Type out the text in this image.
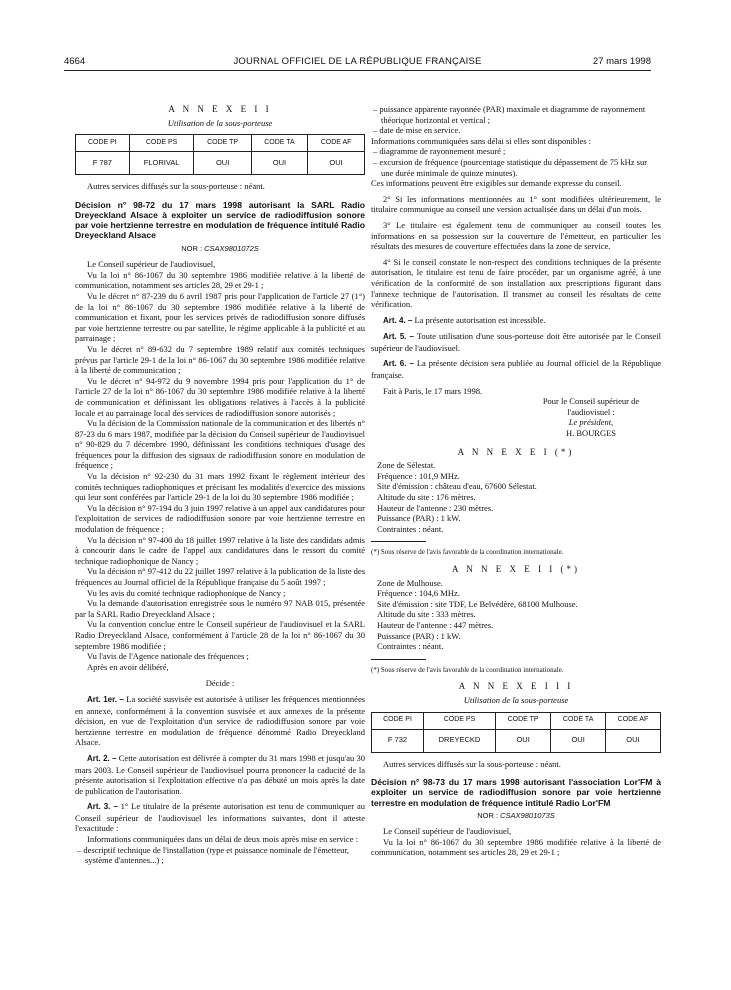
4664	JOURNAL OFFICIEL DE LA RÉPUBLIQUE FRANÇAISE	27 mars 1998
A N N E X E I I
Utilisation de la sous-porteuse
CODE PI	CODE PS	CODE TP	CODE TA	CODE AF
F 787	FLORIVAL	OUI	OUI	OUI

Autres services diffusés sur la sous-porteuse : néant.

Décision n° 98-72 du 17 mars 1998 autorisant la SARL Radio Dreyeckland Alsace à exploiter un service de radiodiffusion sonore par voie hertzienne terrestre en modulation de fréquence intitulé Radio Dreyeckland Alsace
NOR : CSAX9801072S

Le Conseil supérieur de l'audiovisuel,

Vu la loi n° 86-1067 du 30 septembre 1986 modifiée relative à la liberté de communication, notamment ses articles 28, 29 et 29-1 ;

Vu le décret n° 87-239 du 6 avril 1987 pris pour l'application de l'article 27 (1°) de la loi n° 86-1067 du 30 septembre 1986 modifiée relative à la liberté de communication et fixant, pour les services privés de radiodiffusion sonore diffusés par voie hertzienne terrestre ou par satellite, le régime applicable à la publicité et au parrainage ;

Vu le décret n° 89-632 du 7 septembre 1989 relatif aux comités techniques prévus par l'article 29-1 de la loi n° 86-1067 du 30 septembre 1986 modifiée relative à la liberté de communication ;

Vu le décret n° 94-972 du 9 novembre 1994 pris pour l'application du 1° de l'article 27 de la loi n° 86-1067 du 30 septembre 1986 modifiée relative à la liberté de communication et définissant les obligations relatives à l'accès à la publicité locale et au parrainage local des services de radiodiffusion sonore autorisés ;

Vu la décision de la Commission nationale de la communication et des libertés n° 87-23 du 6 mars 1987, modifiée par la décision du Conseil supérieur de l'audiovisuel n° 90-829 du 7 décembre 1990, définissant les conditions techniques d'usage des fréquences pour la diffusion des signaux de radiodiffusion sonore en modulation de fréquence ;

Vu la décision n° 92-230 du 31 mars 1992 fixant le règlement intérieur des comités techniques radiophoniques et précisant les modalités d'exercice des missions qui leur sont conférées par l'article 29-1 de la loi du 30 septembre 1986 modifiée ;

Vu la décision n° 97-194 du 3 juin 1997 relative à un appel aux candidatures pour l'exploitation de services de radiodiffusion sonore par voie hertzienne terrestre en modulation de fréquence ;

Vu la décision n° 97-400 du 18 juillet 1997 relative à la liste des candidats admis à concourir dans le cadre de l'appel aux candidatures dans le ressort du comité technique radiophonique de Nancy ;

Vu la décision n° 97-412 du 22 juillet 1997 relative à la publication de la liste des fréquences au Journal officiel de la République française du 5 août 1997 ;

Vu les avis du comité technique radiophonique de Nancy ;

Vu la demande d'autorisation enregistrée sous le numéro 97 NAB 015, présentée par la SARL Radio Dreyeckland Alsace ;

Vu la convention conclue entre le Conseil supérieur de l'audiovisuel et la SARL Radio Dreyeckland Alsace, conformément à l'article 28 de la loi n° 86-1067 du 30 septembre 1986 modifiée ;

Vu l'avis de l'Agence nationale des fréquences ;

Après en avoir délibéré,

Décide :

Art. 1er. – La société susvisée est autorisée à utiliser les fréquences mentionnées en annexe, conformément à la convention susvisée et aux annexes de la présente décision, en vue de l'exploitation d'un service de radiodiffusion sonore par voie hertzienne terrestre en modulation de fréquence dénommé Radio Dreyeckland Alsace.

Art. 2. – Cette autorisation est délivrée à compter du 31 mars 1998 et jusqu'au 30 mars 2003. Le Conseil supérieur de l'audiovisuel pourra prononcer la caducité de la présente autorisation si l'exploitation effective n'a pas débuté un mois après la date de publication de l'autorisation.

Art. 3. – 1° Le titulaire de la présente autorisation est tenu de communiquer au Conseil supérieur de l'audiovisuel les informations suivantes, dont il atteste l'exactitude :

Informations communiquées dans un délai de deux mois après mise en service :

– descriptif technique de l'installation (type et puissance nominale de l'émetteur, système d'antennes...) ;
– puissance apparente rayonnée (PAR) maximale et diagramme de rayonnement théorique horizontal et vertical ;
– date de mise en service.

Informations communiquées sans délai si elles sont disponibles :

– diagramme de rayonnement mesuré ;
– excursion de fréquence (pourcentage statistique du dépassement de 75 kHz sur une durée minimale de quinze minutes).

Ces informations peuvent être exigibles sur demande expresse du conseil.

2° Si les informations mentionnées au 1° sont modifiées ultérieurement, le titulaire communique au conseil une version actualisée dans un délai d'un mois.

3° Le titulaire est également tenu de communiquer au conseil toutes les informations en sa possession sur la couverture de l'émetteur, en particulier les résultats des mesures de couverture effectuées dans la zone de service.

4° Si le conseil constate le non-respect des conditions techniques de la présente autorisation, le titulaire est tenu de faire procéder, par un organisme agréé, à une vérification de la conformité de son installation aux prescriptions figurant dans l'annexe technique de l'autorisation. Il transmet au conseil les résultats de cette vérification.

Art. 4. – La présente autorisation est incessible.

Art. 5. – Toute utilisation d'une sous-porteuse doit être autorisée par le Conseil supérieur de l'audiovisuel.

Art. 6. – La présente décision sera publiée au Journal officiel de la République française.

Fait à Paris, le 17 mars 1998.

Pour le Conseil supérieur de l'audiovisuel :
Le président,
H. BOURGES
A N N E X E I (*)
Zone de Sélestat.
Fréquence : 101,9 MHz.
Site d'émission : château d'eau, 67600 Sélestat.
Altitude du site : 176 mètres.
Hauteur de l'antenne : 230 mètres.
Puissance (PAR) : 1 kW.
Contraintes : néant.
(*) Sous réserve de l'avis favorable de la coordination internationale.
A N N E X E I I (*)
Zone de Mulhouse.
Fréquence : 104,6 MHz.
Site d'émission : site TDF, Le Belvédère, 68100 Mulhouse.
Altitude du site : 333 mètres.
Hauteur de l'antenne : 447 mètres.
Puissance (PAR) : 1 kW.
Contraintes : néant.
(*) Sous réserve de l'avis favorable de la coordination internationale.
A N N E X E I I I
Utilisation de la sous-porteuse
CODE PI	CODE PS	CODE TP	CODE TA	CODE AF
F 732	DREYECKD	OUI	OUI	OUI

Autres services diffusés sur la sous-porteuse : néant.

Décision n° 98-73 du 17 mars 1998 autorisant l'association Lor'FM à exploiter un service de radiodiffusion sonore par voie hertzienne terrestre en modulation de fréquence intitulé Radio Lor'FM
NOR : CSAX9801073S

Le Conseil supérieur de l'audiovisuel,

Vu la loi n° 86-1067 du 30 septembre 1986 modifiée relative à la liberté de communication, notamment ses articles 28, 29 et 29-1 ;
